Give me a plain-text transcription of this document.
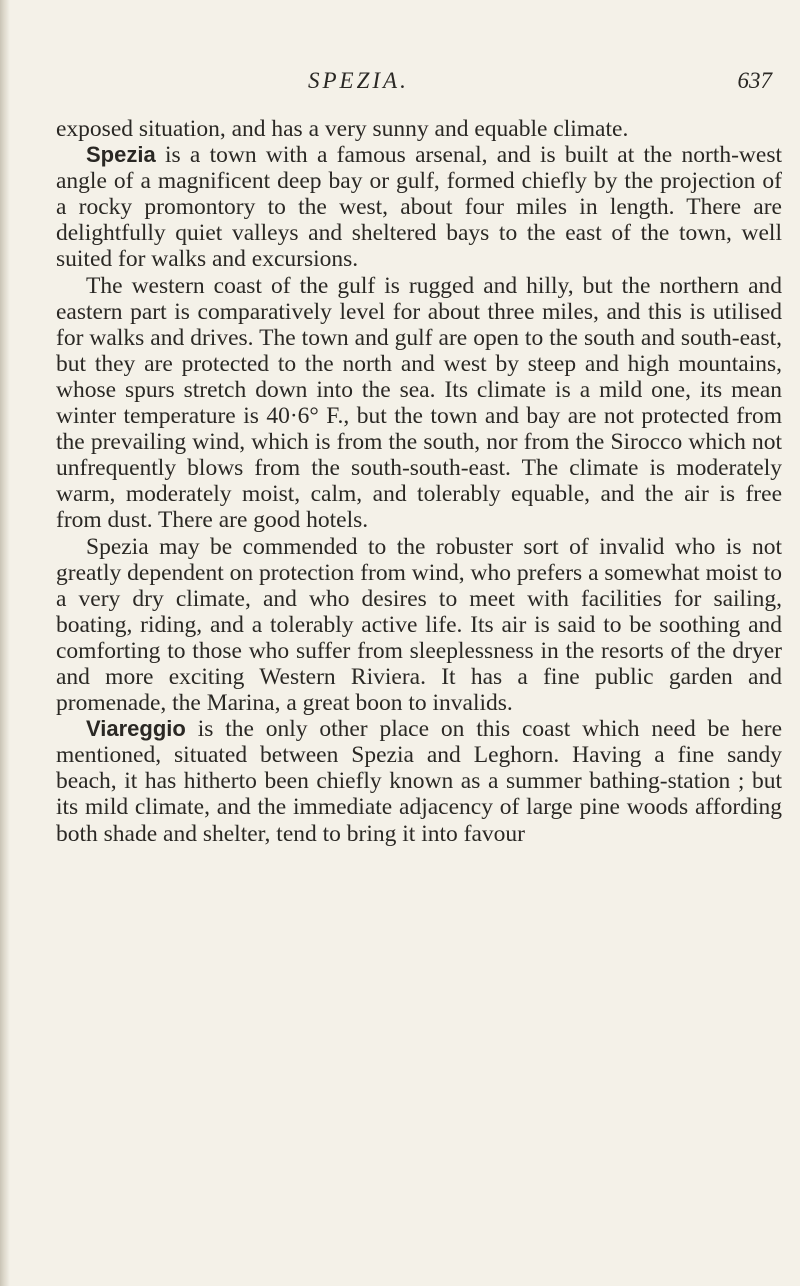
SPEZIA.	637

exposed situation, and has a very sunny and equable climate.

Spezia is a town with a famous arsenal, and is built at the north-west angle of a magnificent deep bay or gulf, formed chiefly by the projection of a rocky promontory to the west, about four miles in length. There are delightfully quiet valleys and sheltered bays to the east of the town, well suited for walks and excursions.

The western coast of the gulf is rugged and hilly, but the northern and eastern part is comparatively level for about three miles, and this is utilised for walks and drives. The town and gulf are open to the south and south-east, but they are protected to the north and west by steep and high mountains, whose spurs stretch down into the sea. Its climate is a mild one, its mean winter temperature is 40·6° F., but the town and bay are not protected from the prevailing wind, which is from the south, nor from the Sirocco which not unfrequently blows from the south-south-east. The climate is moderately warm, moderately moist, calm, and tolerably equable, and the air is free from dust. There are good hotels.

Spezia may be commended to the robuster sort of invalid who is not greatly dependent on protection from wind, who prefers a somewhat moist to a very dry climate, and who desires to meet with facilities for sailing, boating, riding, and a tolerably active life. Its air is said to be soothing and comforting to those who suffer from sleeplessness in the resorts of the dryer and more exciting Western Riviera. It has a fine public garden and promenade, the Marina, a great boon to invalids.

Viareggio is the only other place on this coast which need be here mentioned, situated between Spezia and Leghorn. Having a fine sandy beach, it has hitherto been chiefly known as a summer bathing-station ; but its mild climate, and the immediate adjacency of large pine woods affording both shade and shelter, tend to bring it into favour
